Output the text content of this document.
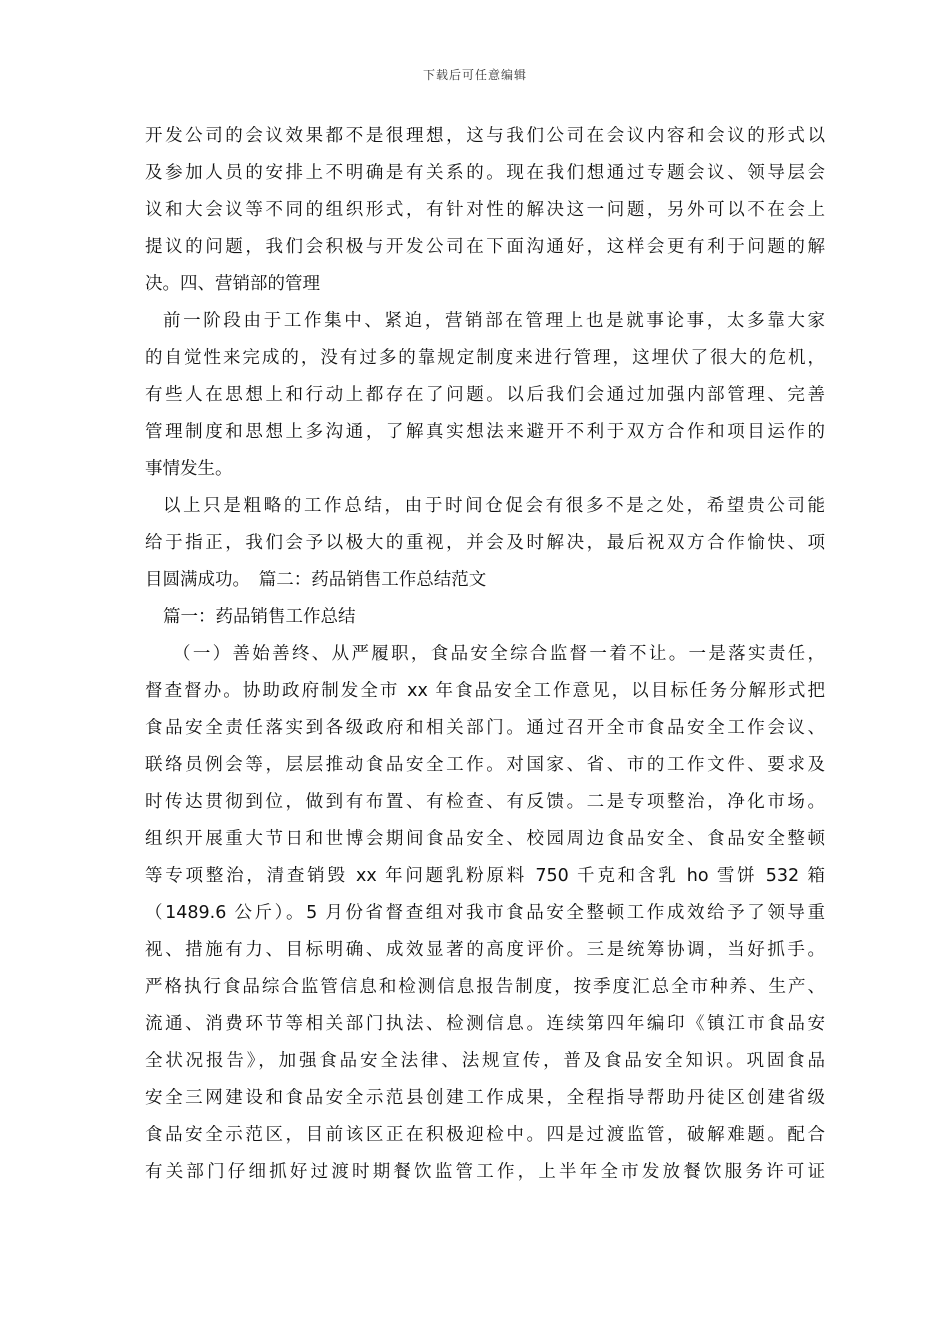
下载后可任意编辑
开发公司的会议效果都不是很理想，这与我们公司在会议内容和会议的形式以
及参加人员的安排上不明确是有关系的。现在我们想通过专题会议、领导层会
议和大会议等不同的组织形式，有针对性的解决这一问题，另外可以不在会上
提议的问题，我们会积极与开发公司在下面沟通好，这样会更有利于问题的解
决。四、营销部的管理
前一阶段由于工作集中、紧迫，营销部在管理上也是就事论事，太多靠大家
的自觉性来完成的，没有过多的靠规定制度来进行管理，这埋伏了很大的危机，
有些人在思想上和行动上都存在了问题。以后我们会通过加强内部管理、完善
管理制度和思想上多沟通，了解真实想法来避开不利于双方合作和项目运作的
事情发生。
以上只是粗略的工作总结，由于时间仓促会有很多不是之处，希望贵公司能
给于指正，我们会予以极大的重视，并会及时解决，最后祝双方合作愉快、项
目圆满成功。　篇二：药品销售工作总结范文
篇一：药品销售工作总结
（一）善始善终、从严履职，食品安全综合监督一着不让。一是落实责任，
督查督办。协助政府制发全市 xx 年食品安全工作意见，以目标任务分解形式把
食品安全责任落实到各级政府和相关部门。通过召开全市食品安全工作会议、
联络员例会等，层层推动食品安全工作。对国家、省、市的工作文件、要求及
时传达贯彻到位，做到有布置、有检查、有反馈。二是专项整治，净化市场。
组织开展重大节日和世博会期间食品安全、校园周边食品安全、食品安全整顿
等专项整治，清查销毁 xx 年问题乳粉原料 750 千克和含乳 ho 雪饼 532 箱
（1489.6 公斤）。5 月份省督查组对我市食品安全整顿工作成效给予了领导重
视、措施有力、目标明确、成效显著的高度评价。三是统筹协调，当好抓手。
严格执行食品综合监管信息和检测信息报告制度，按季度汇总全市种养、生产、
流通、消费环节等相关部门执法、检测信息。连续第四年编印《镇江市食品安
全状况报告》，加强食品安全法律、法规宣传，普及食品安全知识。巩固食品
安全三网建设和食品安全示范县创建工作成果，全程指导帮助丹徒区创建省级
食品安全示范区，目前该区正在积极迎检中。四是过渡监管，破解难题。配合
有关部门仔细抓好过渡时期餐饮监管工作，上半年全市发放餐饮服务许可证
